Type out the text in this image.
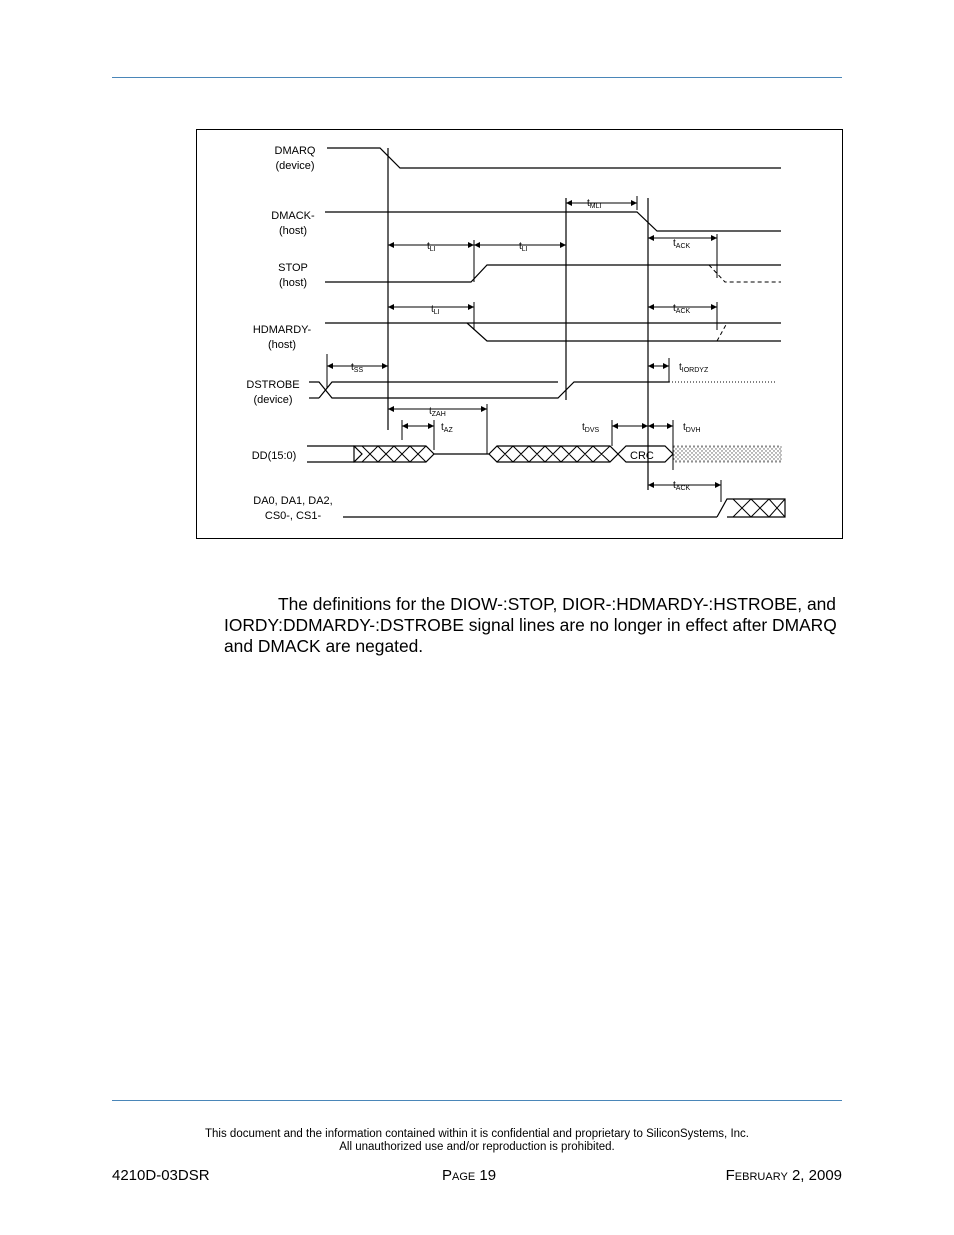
DMARQ
(device)
DMACK-
(host)
STOP
(host)
HDMARDY-
(host)
DSTROBE
(device)
DD(15:0)
DA0, DA1, DA2,
CS0-, CS1-
$t_{MLI}$
$t_{LI}$	$t_{LI}$
$t_{ACK}$
$t_{LI}$	$t_{ACK}$
$t_{SS}$	$t_{IORDYZ}$
$t_{ZAH}$
$t_{AZ}$	$t_{DVS}$	$t_{DVH}$
$t_{ACK}$
CRC

The definitions for the DIOW-:STOP, DIOR-:HDMARDY-:HSTROBE, and IORDY:DDMARDY-:DSTROBE signal lines are no longer in effect after DMARQ and DMACK are negated.

This document and the information contained within it is confidential and proprietary to SiliconSystems, Inc.
All unauthorized use and/or reproduction is prohibited.
4210D-03DSR	PAGE 19	FEBRUARY 2, 2009
